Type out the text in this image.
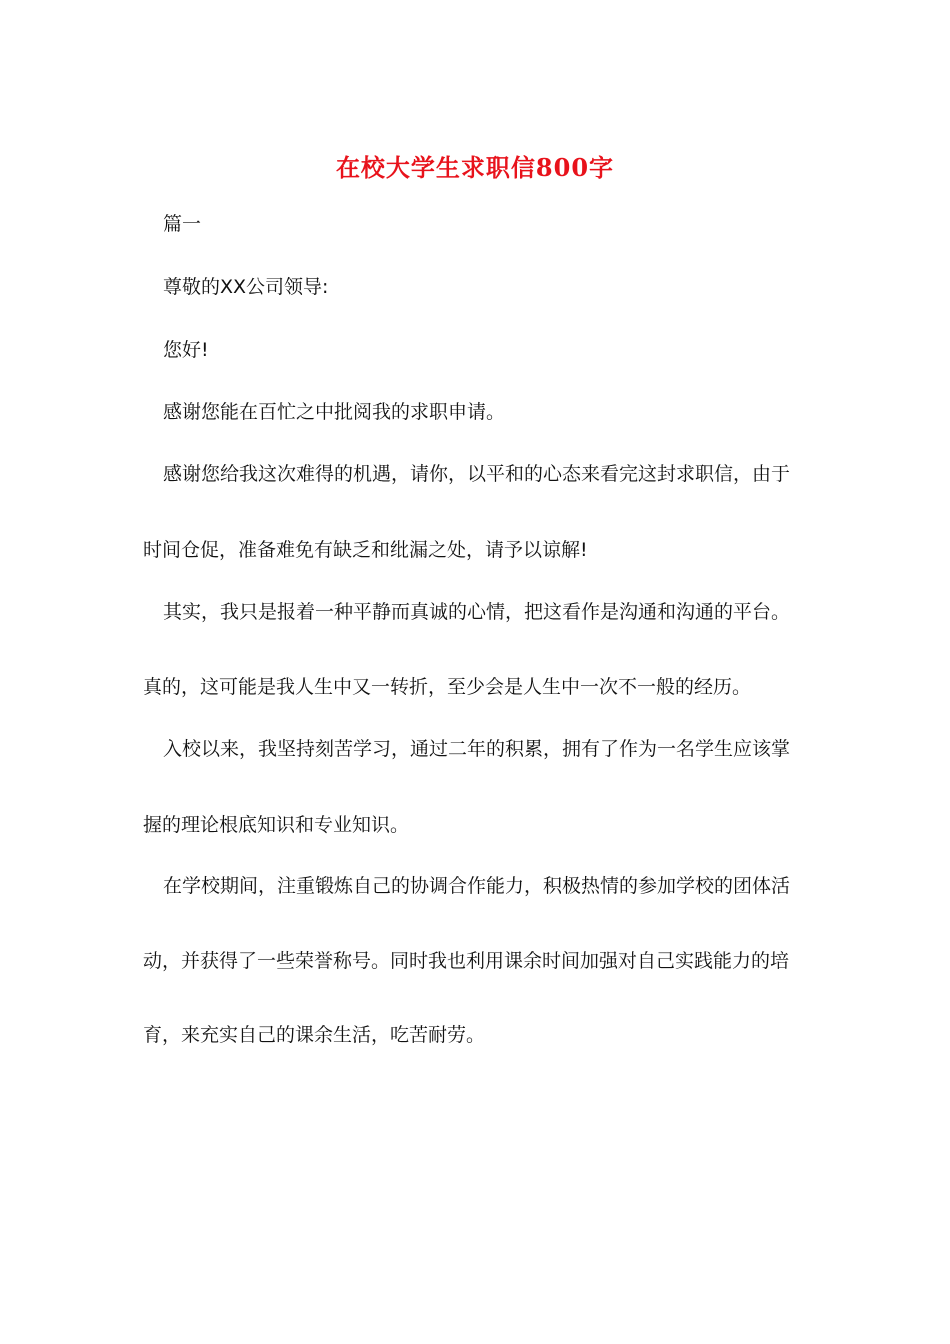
在校大学生求职信800字
篇一
尊敬的XX公司领导:
您好!
感谢您能在百忙之中批阅我的求职申请。
感谢您给我这次难得的机遇，请你，以平和的心态来看完这封求职信，由于
时间仓促，准备难免有缺乏和纰漏之处，请予以谅解!
其实，我只是报着一种平静而真诚的心情，把这看作是沟通和沟通的平台。
真的，这可能是我人生中又一转折，至少会是人生中一次不一般的经历。
入校以来，我坚持刻苦学习，通过二年的积累，拥有了作为一名学生应该掌
握的理论根底知识和专业知识。
在学校期间，注重锻炼自己的协调合作能力，积极热情的参加学校的团体活
动，并获得了一些荣誉称号。同时我也利用课余时间加强对自己实践能力的培
育，来充实自己的课余生活，吃苦耐劳。
